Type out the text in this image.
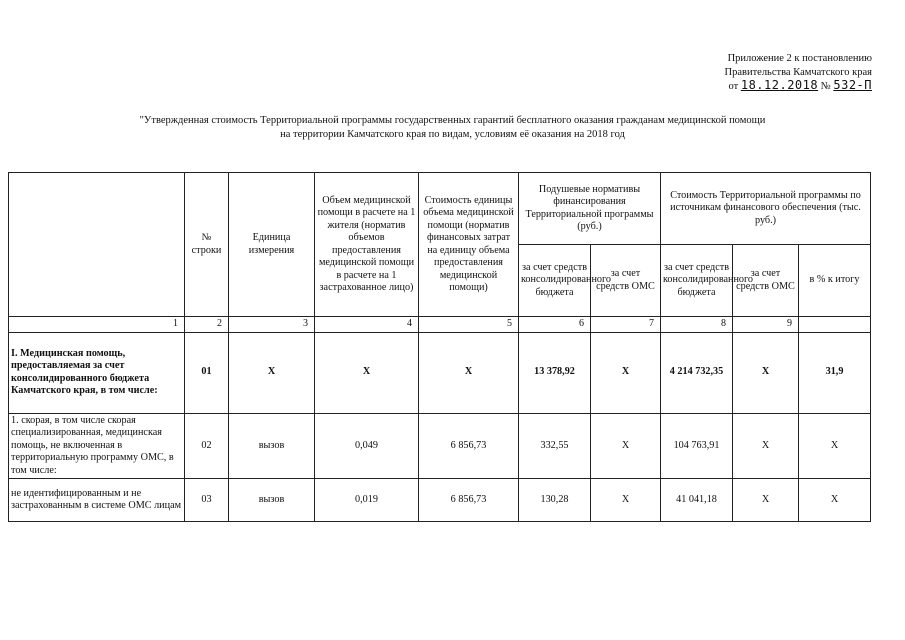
Приложение 2 к постановлению
Правительства Камчатского края
от 18.12.2018 № 532-П
"Утвержденная стоимость Территориальной программы государственных гарантий бесплатного оказания гражданам медицинской помощи
на территории Камчатского края по видам, условиям её оказания на 2018 год
	№ строки	Единица измерения	Объем медицинской помощи в расчете на 1 жителя (норматив объемов предоставления медицинской помощи в расчете на 1 застрахованное лицо)	Стоимость единицы объема медицинской помощи (норматив финансовых затрат на единицу объема предоставления медицинской помощи)	Подушевые нормативы финансирования Территориальной программы (руб.)		Стоимость Территориальной программы по источникам финансового обеспечения (тыс. руб.)		
					за счет средств консолидированного бюджета	за счет средств ОМС	за счет средств консолидированного бюджета	за счет средств ОМС	в % к итогу
1	2	3	4	5	6	7	8	9	
I. Медицинская помощь, предоставляемая за счет консолидированного бюджета Камчатского края, в том числе:	01	Х	Х	Х	13 378,92	Х	4 214 732,35	Х	31,9
1. скорая, в том числе скорая специализированная, медицинская помощь, не включенная в территориальную программу ОМС, в том числе:	02	вызов	0,049	6 856,73	332,55	Х	104 763,91	Х	Х
не идентифицированным и не застрахованным в системе ОМС лицам	03	вызов	0,019	6 856,73	130,28	Х	41 041,18	Х	Х
